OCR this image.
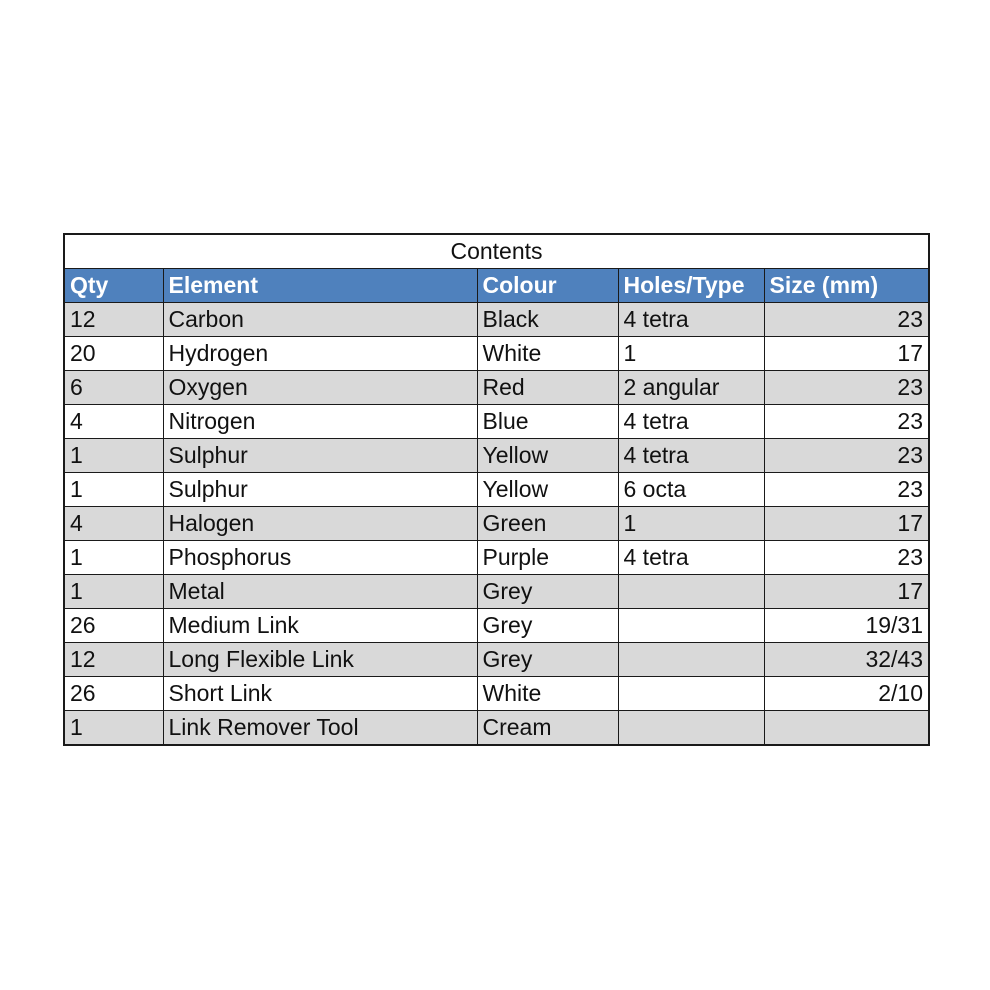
Contents				
Qty	Element	Colour	Holes/Type	Size (mm)
12	Carbon	Black	4 tetra	23
20	Hydrogen	White	1	17
6	Oxygen	Red	2 angular	23
4	Nitrogen	Blue	4 tetra	23
1	Sulphur	Yellow	4 tetra	23
1	Sulphur	Yellow	6 octa	23
4	Halogen	Green	1	17
1	Phosphorus	Purple	4 tetra	23
1	Metal	Grey		17
26	Medium Link	Grey		19/31
12	Long Flexible Link	Grey		32/43
26	Short Link	White		2/10
1	Link Remover Tool	Cream		
